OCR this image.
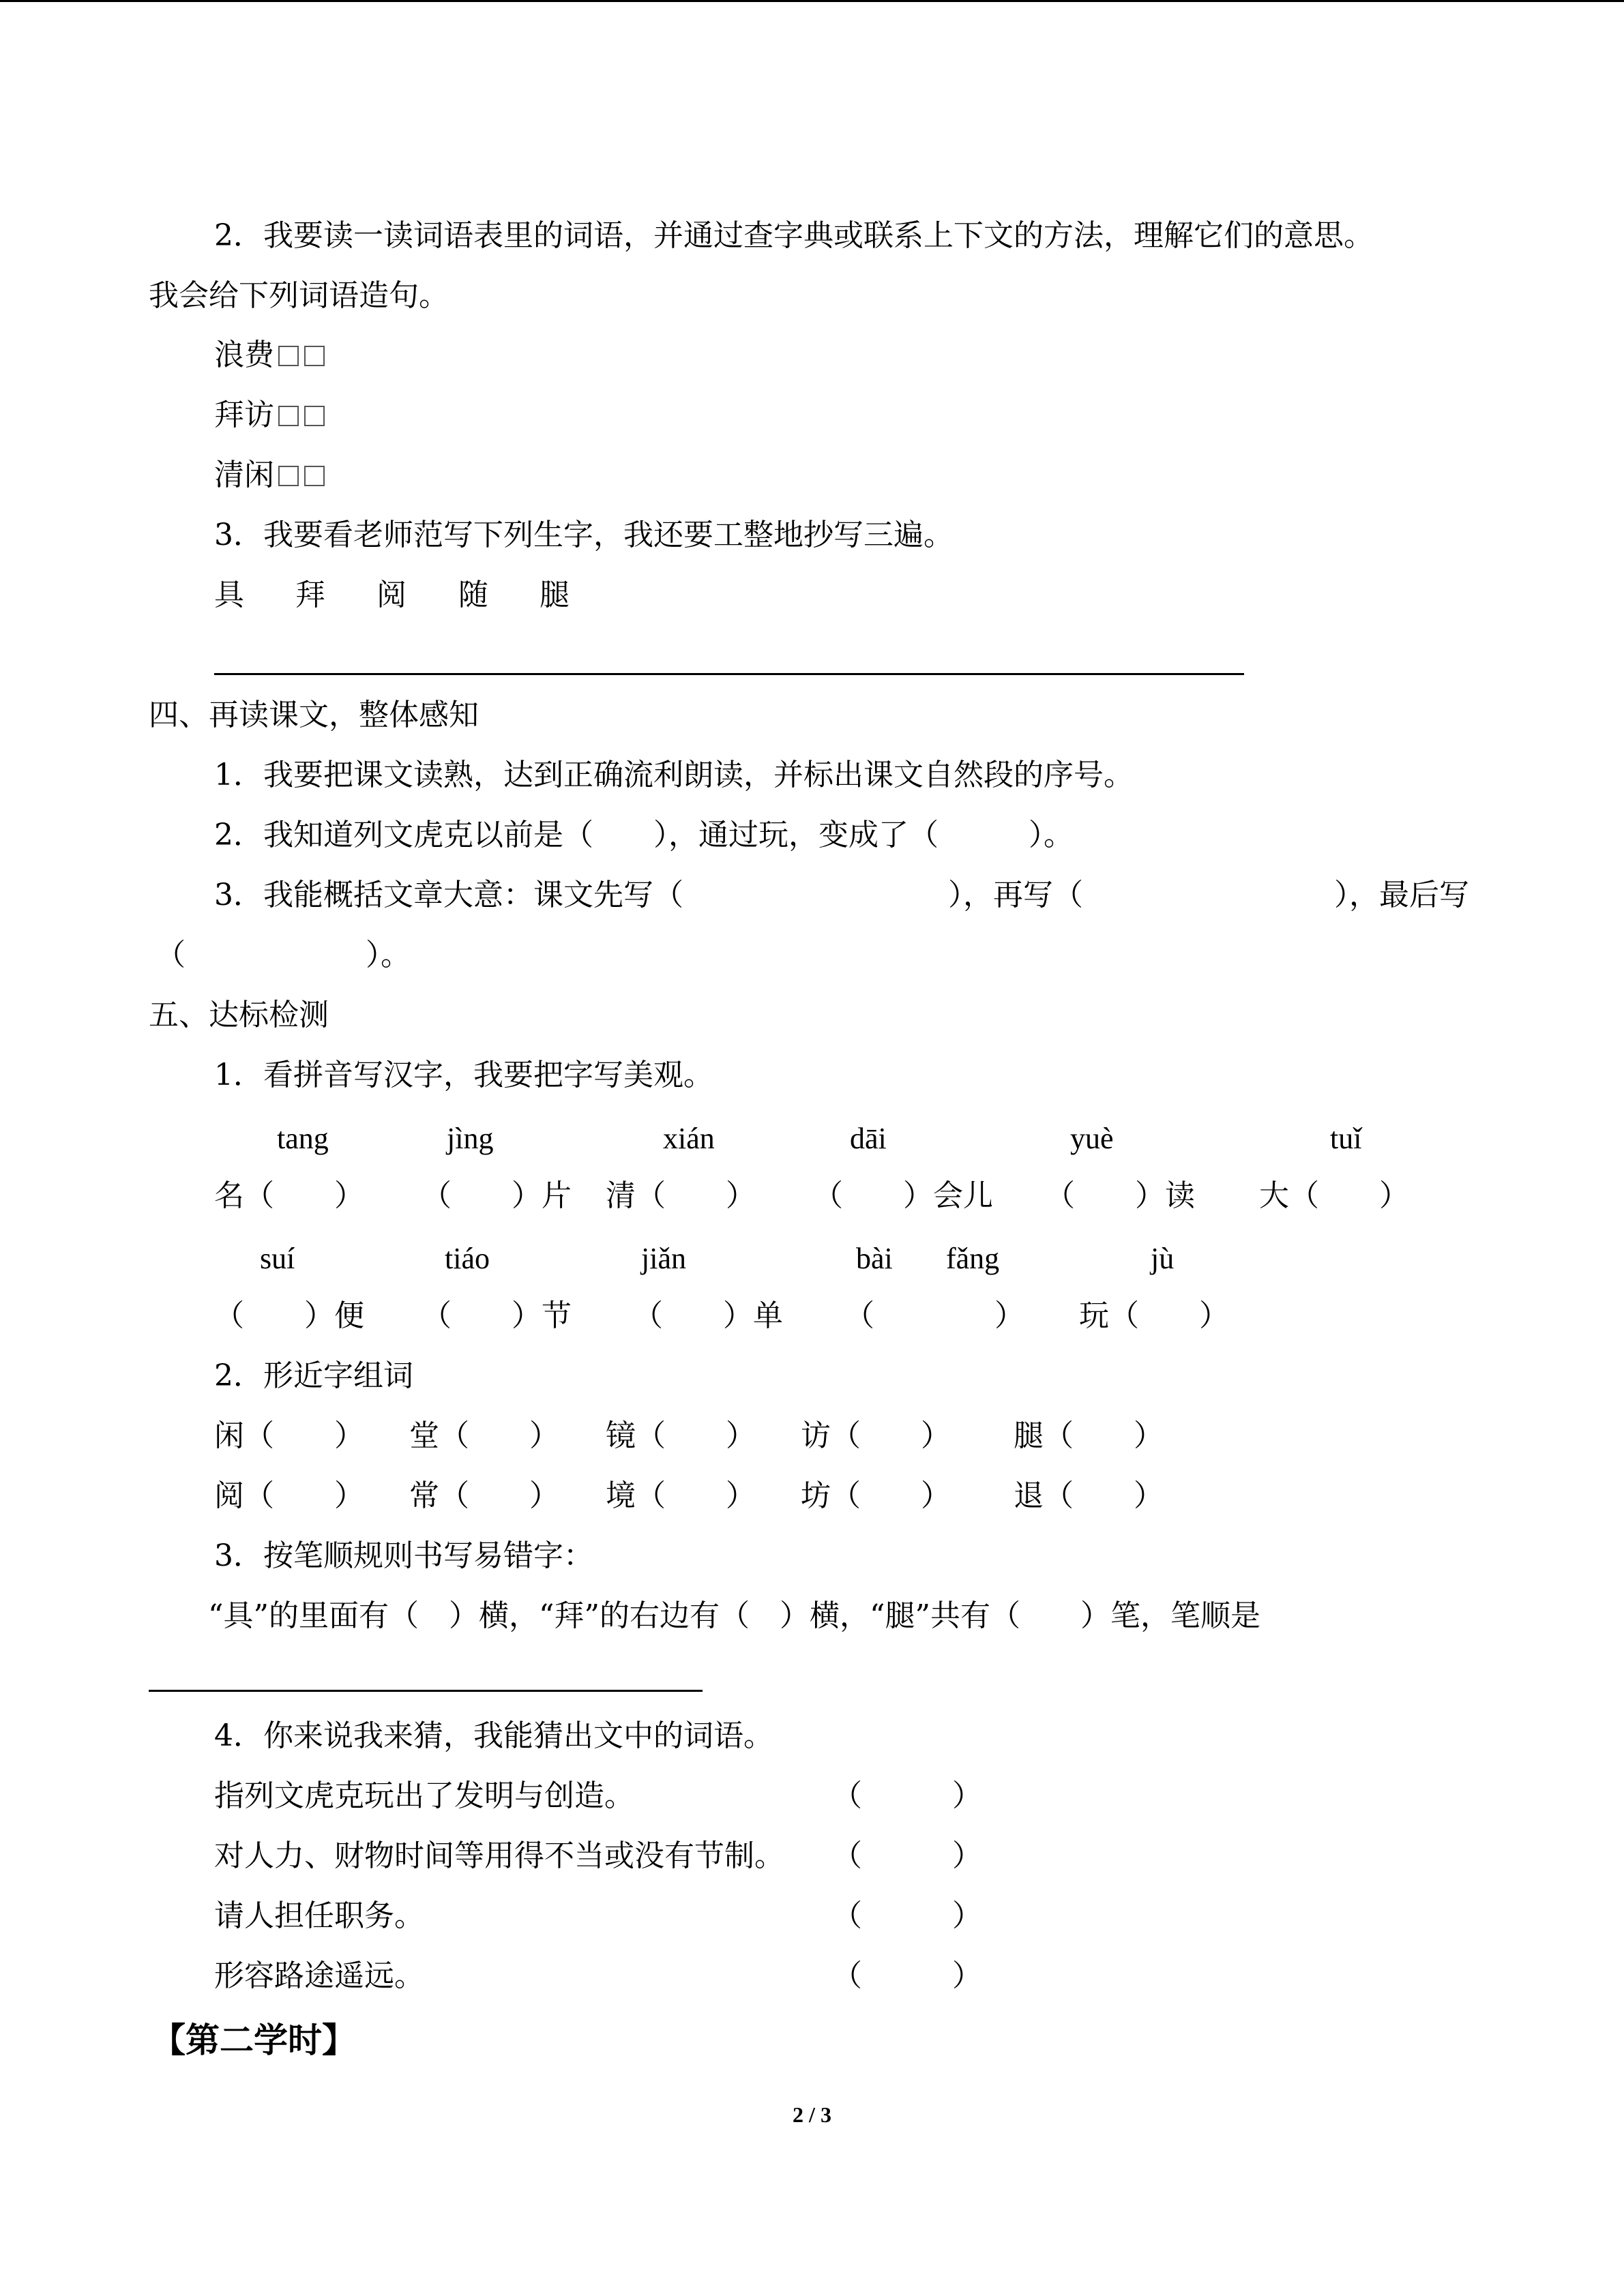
2．我要读一读词语表里的词语，并通过查字典或联系上下文的方法，理解它们的意思。
我会给下列词语造句。
浪费
拜访
清闲
3．我要看老师范写下列生字，我还要工整地抄写三遍。
具 拜 阅 随 腿
四、再读课文，整体感知
1．我要把课文读熟，达到正确流利朗读，并标出课文自然段的序号。
2．我知道列文虎克以前是（　　），通过玩，变成了（　　　）。
3．我能概括文章大意：课文先写（	），再写（	），最后写
（　　　　　　）。
五、达标检测
1．看拼音写汉字，我要把字写美观。
tang	jìng	xián	dāi	yuè	tuǐ
名（　　） （　　）片 清（　　） （　　）会儿 （　　）读 大（　　）
suí	tiáo	jiǎn	bài fǎng	jù
（　　）便 （　　）节 （　　）单 （　　　　） 玩（　　）
2．形近字组词
闲（　　） 堂（　　） 镜（　　） 访（　　） 腿（　　）
阅（　　） 常（　　） 境（　　） 坊（　　） 退（　　）
3．按笔顺规则书写易错字：
“具”的里面有（　）横，“拜”的右边有（　）横，“腿”共有（　　）笔，笔顺是
4．你来说我来猜，我能猜出文中的词语。
指列文虎克玩出了发明与创造。	（　　　）
对人力、财物时间等用得不当或没有节制。 （　　　）
请人担任职务。	（　　　）
形容路途遥远。	（　　　）
【第二学时】
2 / 3
